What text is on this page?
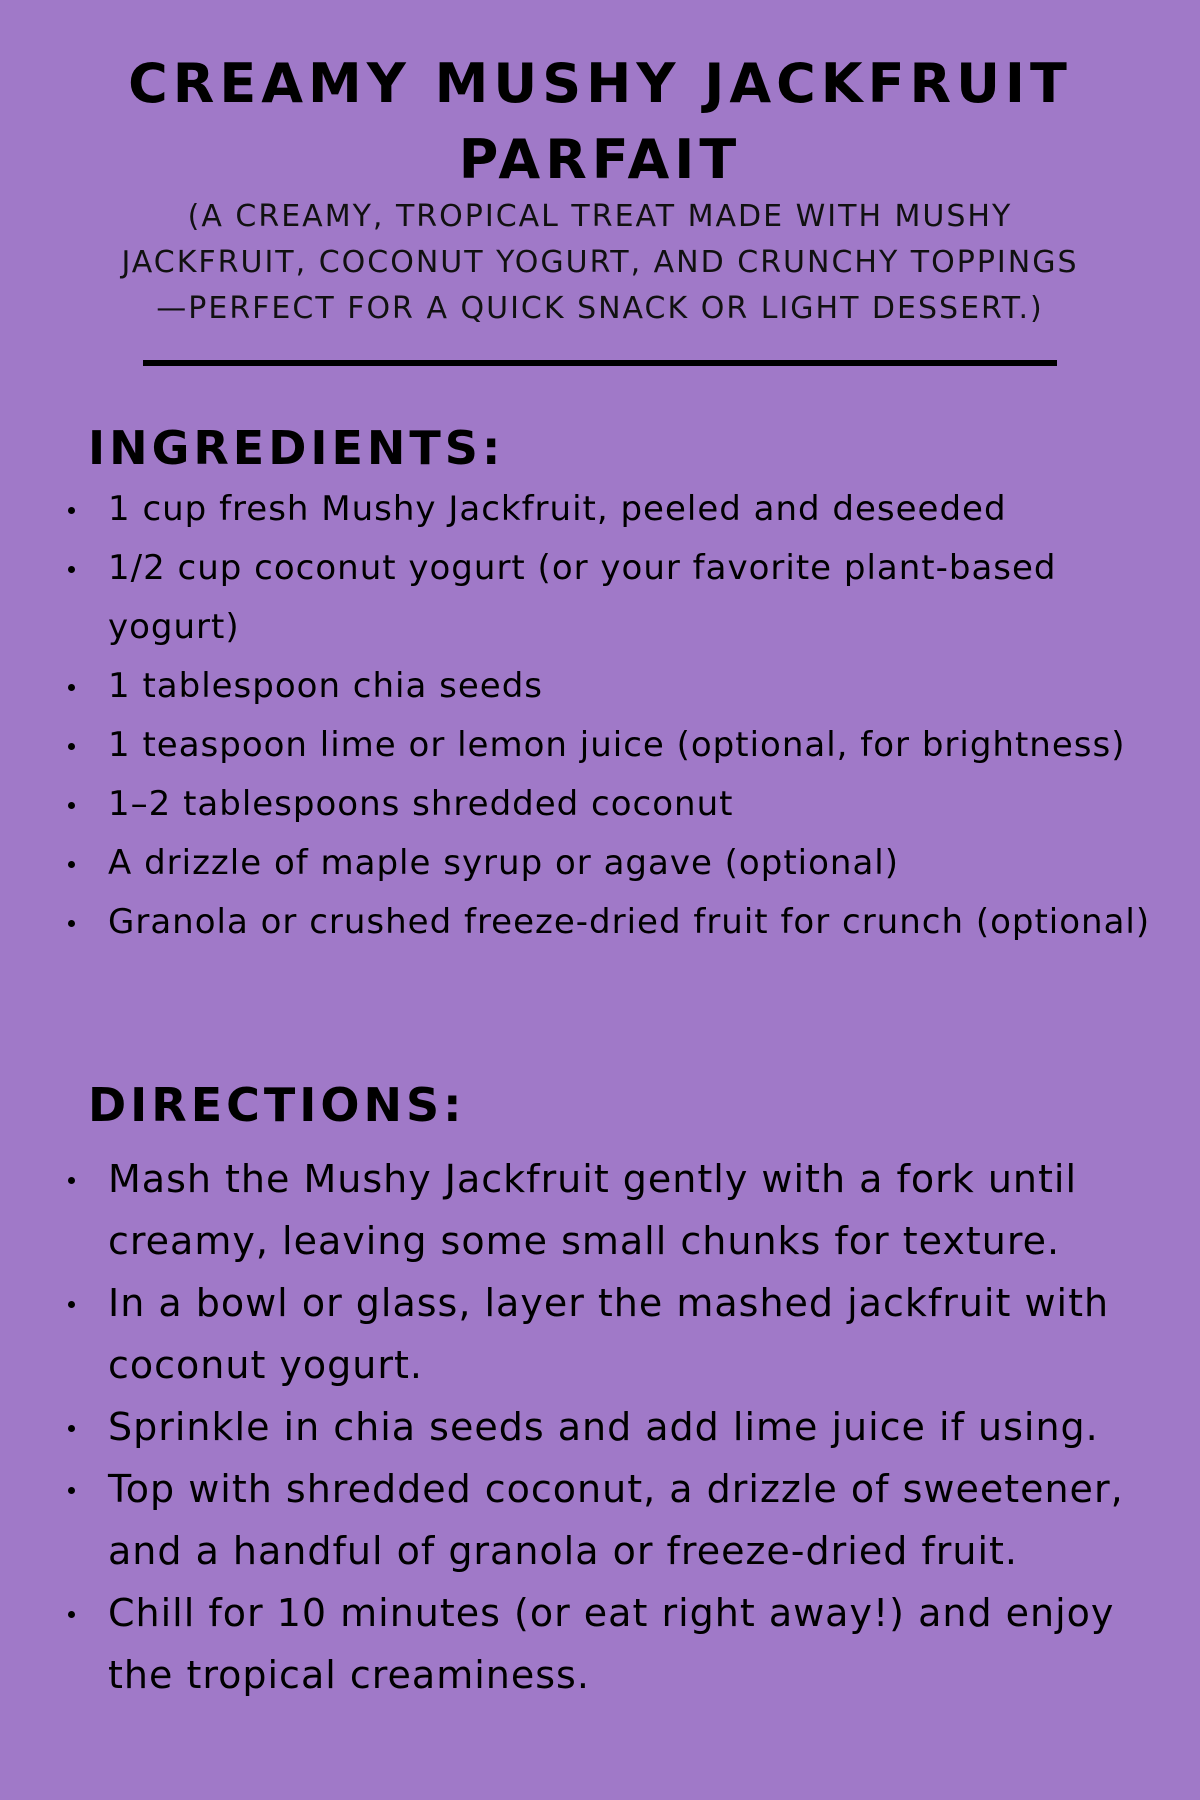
CREAMY MUSHY JACKFRUIT PARFAIT

(A CREAMY, TROPICAL TREAT MADE WITH MUSHY
JACKFRUIT, COCONUT YOGURT, AND CRUNCHY TOPPINGS
—PERFECT FOR A QUICK SNACK OR LIGHT DESSERT.)

INGREDIENTS:
1 cup fresh Mushy Jackfruit, peeled and deseeded
1/2 cup coconut yogurt (or your favorite plant-based yogurt)
1 tablespoon chia seeds
1 teaspoon lime or lemon juice (optional, for brightness)
1–2 tablespoons shredded coconut
A drizzle of maple syrup or agave (optional)
Granola or crushed freeze-dried fruit for crunch (optional)
DIRECTIONS:
Mash the Mushy Jackfruit gently with a fork until creamy, leaving some small chunks for texture.
In a bowl or glass, layer the mashed jackfruit with coconut yogurt.
Sprinkle in chia seeds and add lime juice if using.
Top with shredded coconut, a drizzle of sweetener, and a handful of granola or freeze-dried fruit.
Chill for 10 minutes (or eat right away!) and enjoy the tropical creaminess.
